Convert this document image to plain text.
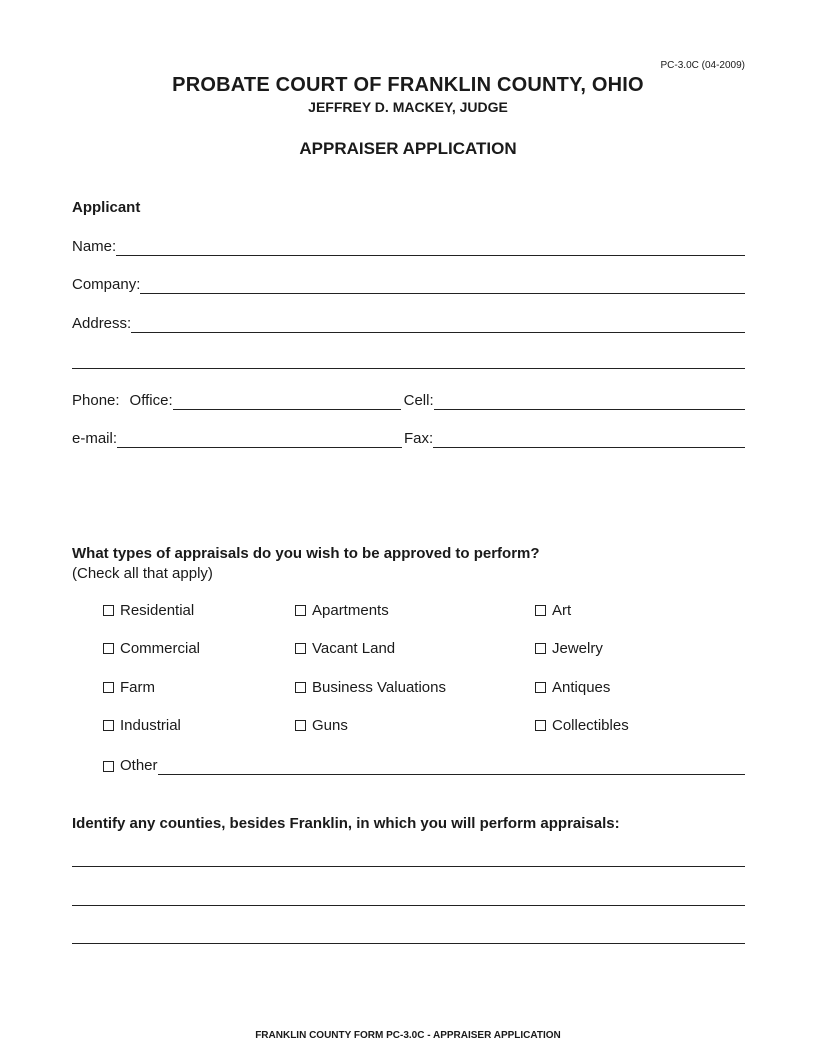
PC-3.0C (04-2009)
PROBATE COURT OF FRANKLIN COUNTY, OHIO
JEFFREY D. MACKEY, JUDGE
APPRAISER APPLICATION
Applicant
Name:
Company:
Address:
Phone: Office:	Cell:
e-mail:	Fax:
What types of appraisals do you wish to be approved to perform?
(Check all that apply)
Residential
Commercial
Farm
Industrial
Apartments
Vacant Land
Business Valuations
Guns
Art
Jewelry
Antiques
Collectibles
Other
Identify any counties, besides Franklin, in which you will perform appraisals:
FRANKLIN COUNTY FORM PC-3.0C - APPRAISER APPLICATION
